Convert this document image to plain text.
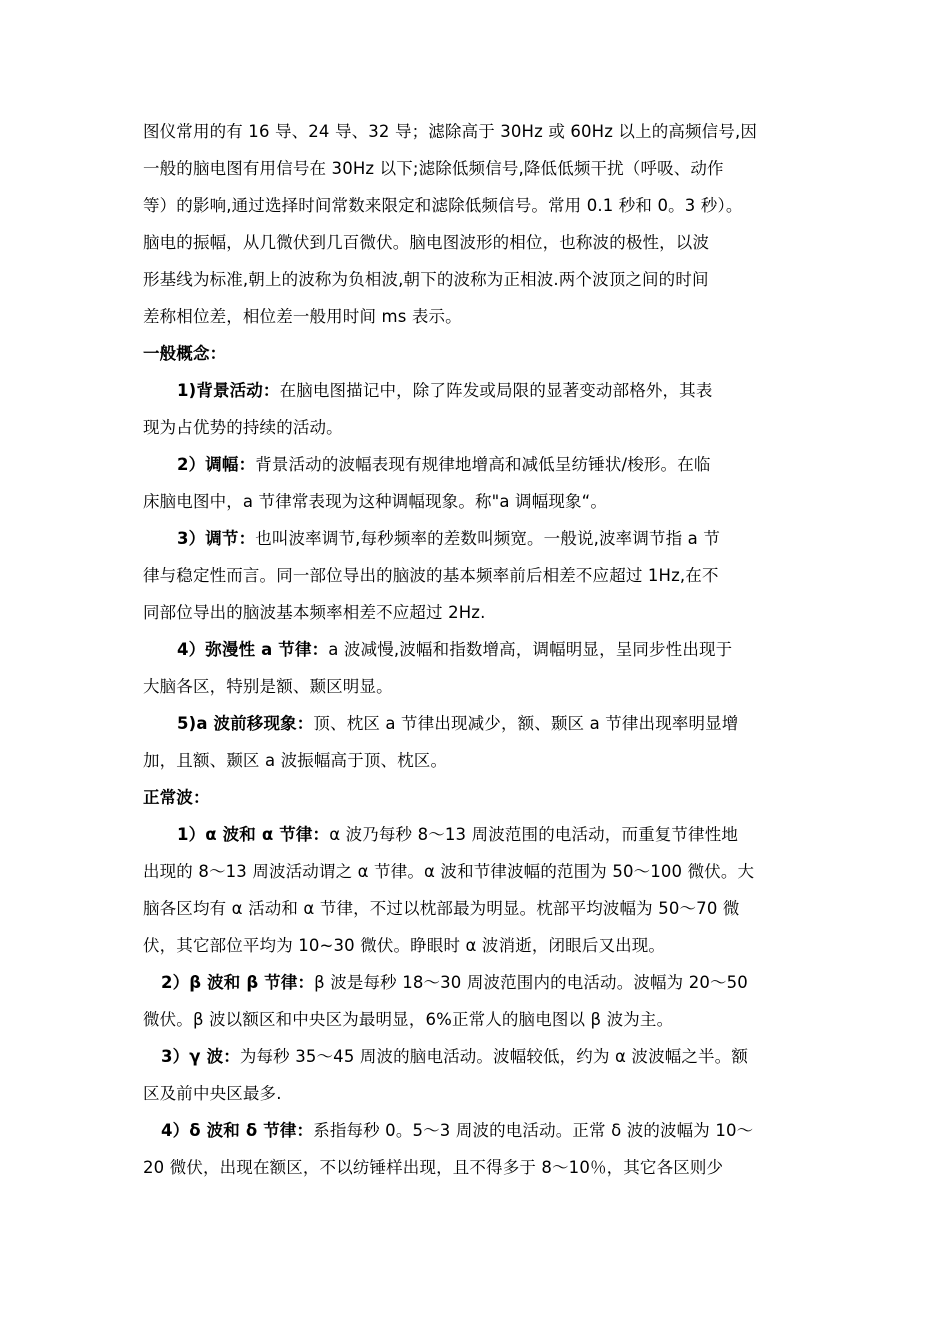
图仪常用的有 16 导、24 导、32 导；滤除高于 30Hz 或 60Hz 以上的高频信号,因
一般的脑电图有用信号在 30Hz 以下;滤除低频信号,降低低频干扰（呼吸、动作
等）的影响,通过选择时间常数来限定和滤除低频信号。常用 0.1 秒和 0。3 秒）。
脑电的振幅，从几微伏到几百微伏。脑电图波形的相位，也称波的极性，以波
形基线为标准,朝上的波称为负相波,朝下的波称为正相波.两个波顶之间的时间
差称相位差，相位差一般用时间 ms 表示。
一般概念：
1)背景活动：在脑电图描记中，除了阵发或局限的显著变动部格外，其表
现为占优势的持续的活动。
2）调幅：背景活动的波幅表现有规律地增高和减低呈纺锤状/梭形。在临
床脑电图中，a 节律常表现为这种调幅现象。称"a 调幅现象“。
3）调节：也叫波率调节,每秒频率的差数叫频宽。一般说,波率调节指 a 节
律与稳定性而言。同一部位导出的脑波的基本频率前后相差不应超过 1Hz,在不
同部位导出的脑波基本频率相差不应超过 2Hz.
4）弥漫性 a 节律：a 波减慢,波幅和指数增高，调幅明显，呈同步性出现于
大脑各区，特别是额、颞区明显。
5)a 波前移现象：顶、枕区 a 节律出现减少，额、颞区 a 节律出现率明显增
加，且额、颞区 a 波振幅高于顶、枕区。
正常波：
1）α 波和 α 节律：α 波乃每秒 8～13 周波范围的电活动，而重复节律性地
出现的 8～13 周波活动谓之 α 节律。α 波和节律波幅的范围为 50～100 微伏。大
脑各区均有 α 活动和 α 节律，不过以枕部最为明显。枕部平均波幅为 50～70 微
伏，其它部位平均为 10~30 微伏。睁眼时 α 波消逝，闭眼后又出现。
2）β 波和 β 节律：β 波是每秒 18～30 周波范围内的电活动。波幅为 20～50
微伏。β 波以额区和中央区为最明显，6%正常人的脑电图以 β 波为主。
3）γ 波：为每秒 35～45 周波的脑电活动。波幅较低，约为 α 波波幅之半。额
区及前中央区最多.
4）δ 波和 δ 节律：系指每秒 0。5～3 周波的电活动。正常 δ 波的波幅为 10～
20 微伏，出现在额区，不以纺锤样出现，且不得多于 8～10％，其它各区则少
